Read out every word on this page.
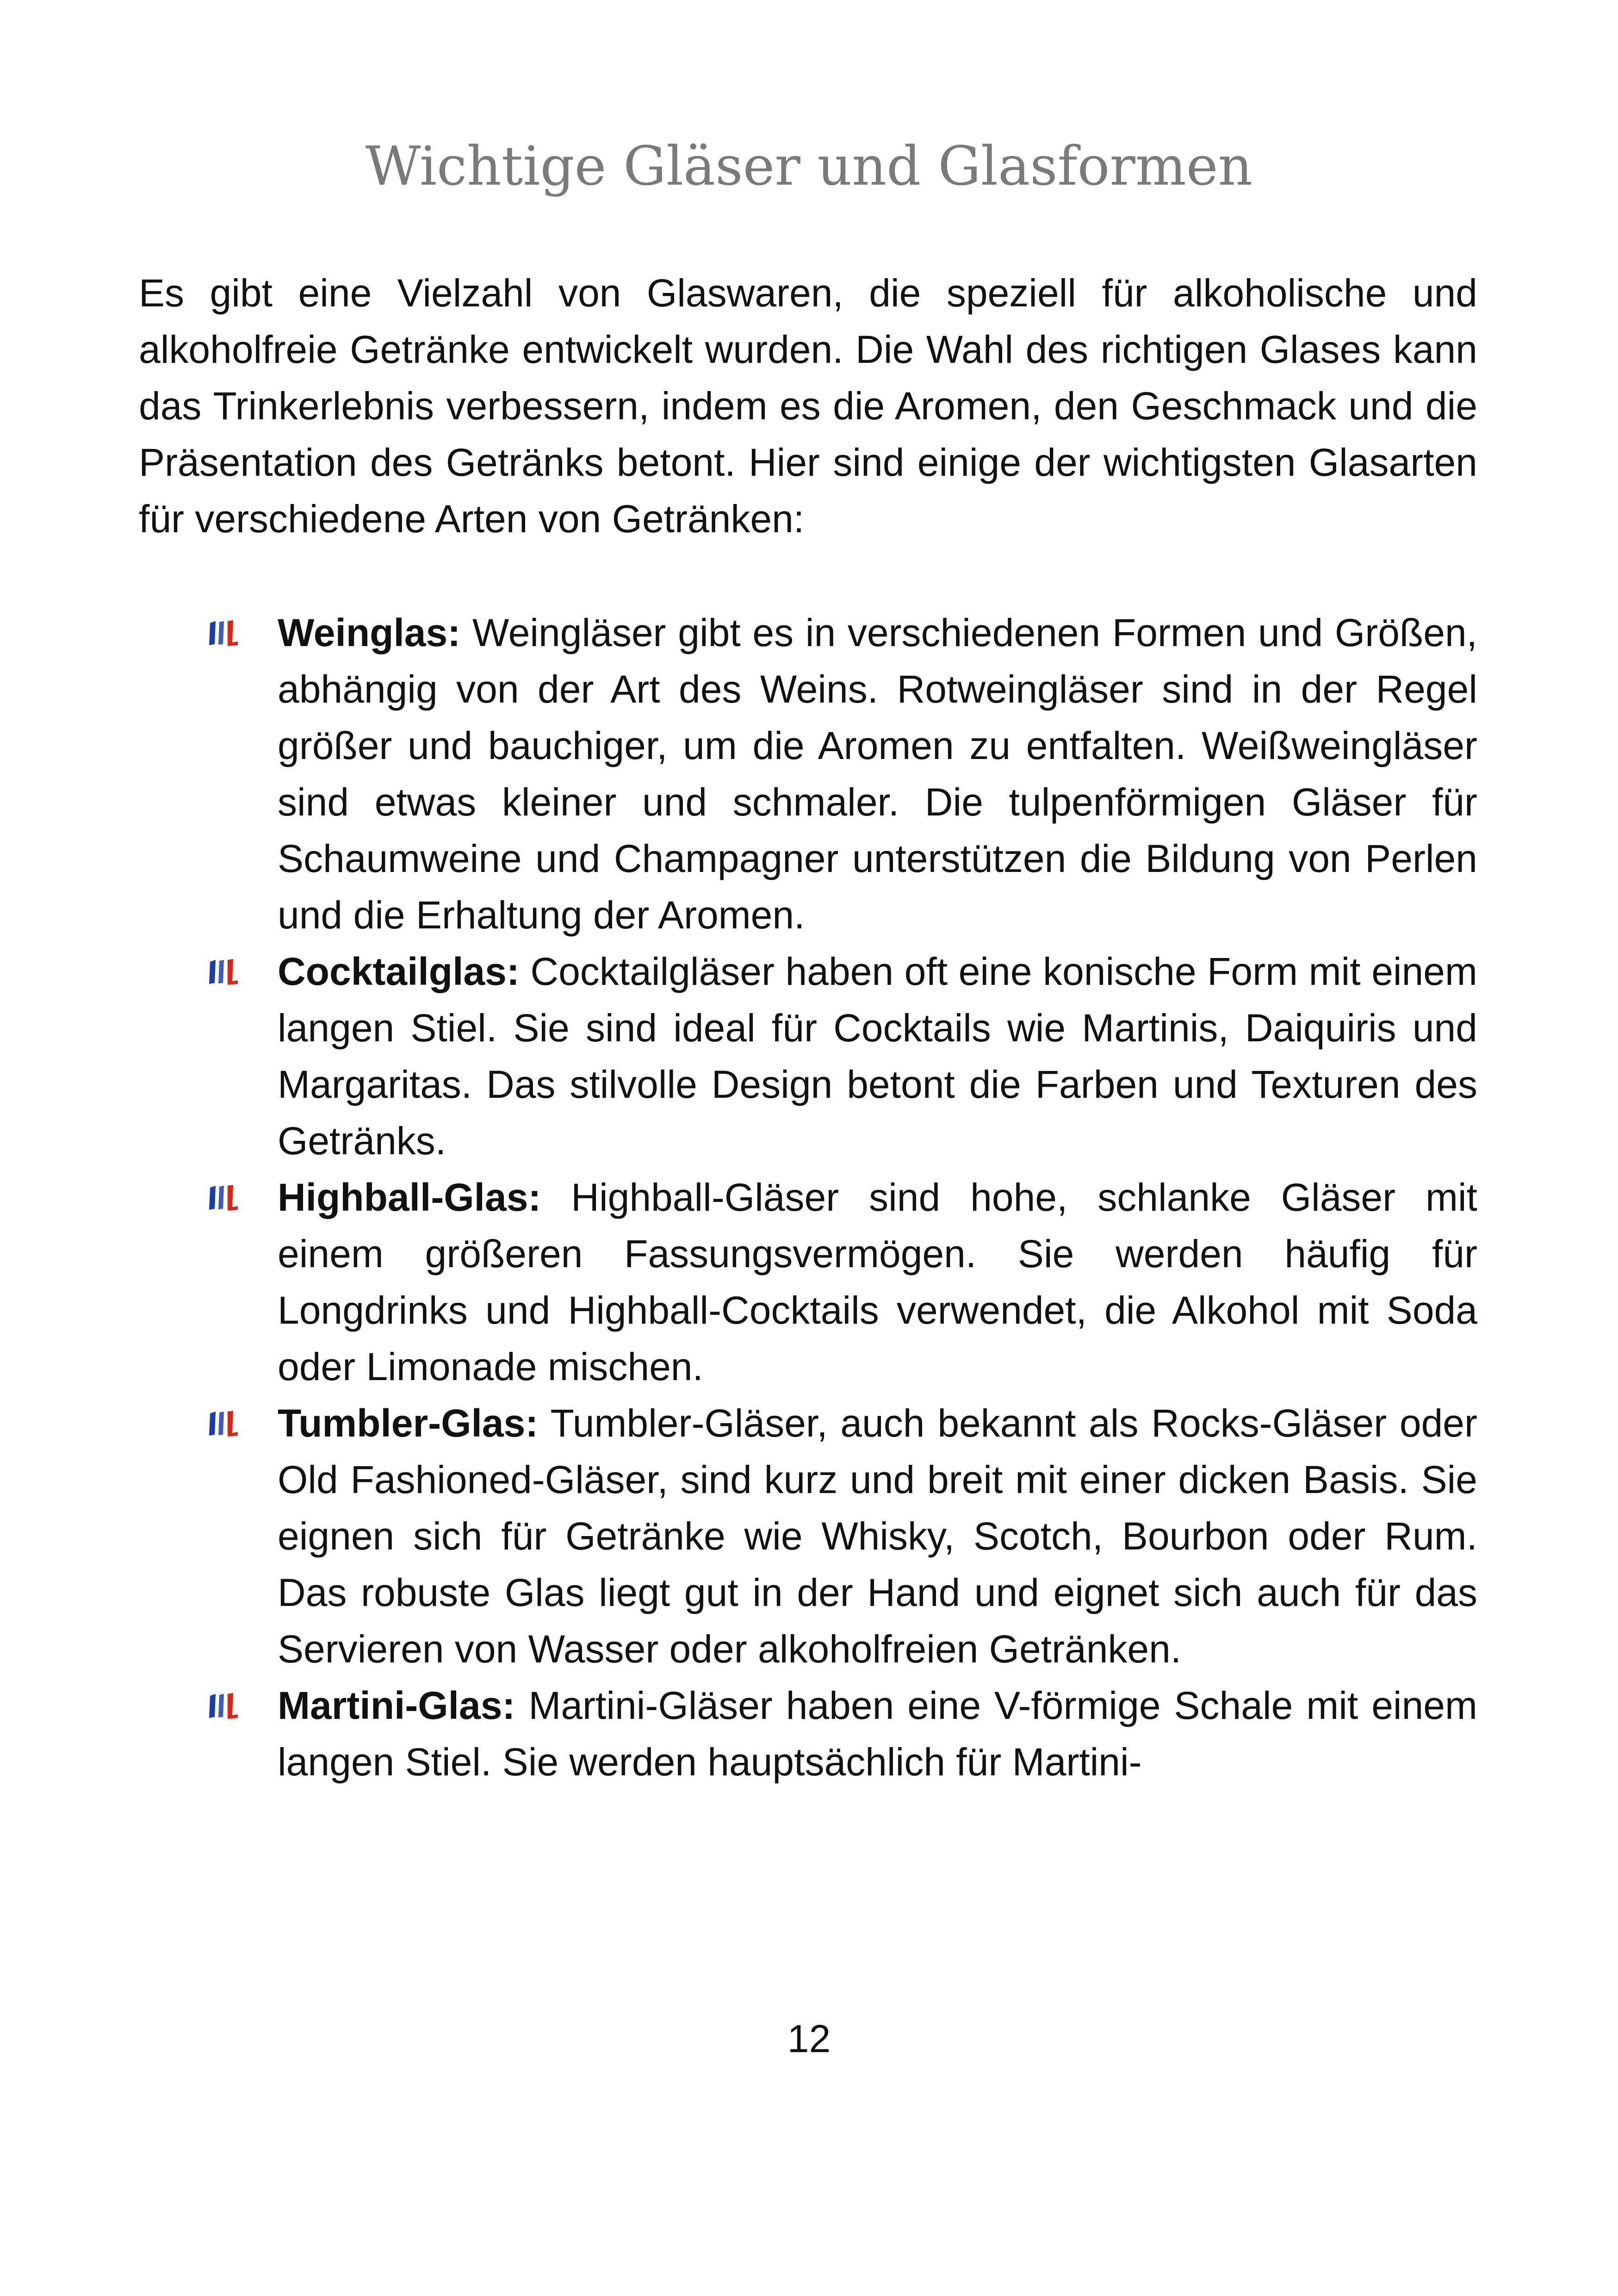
Wichtige Gläser und Glasformen

Es gibt eine Vielzahl von Glaswaren, die speziell für alkoholische und alkoholfreie Getränke entwickelt wurden. Die Wahl des richtigen Glases kann das Trinkerlebnis verbessern, indem es die Aromen, den Geschmack und die Präsentation des Getränks betont. Hier sind einige der wichtigsten Glasarten für verschiedene Arten von Getränken:

Weinglas: Weingläser gibt es in verschiedenen Formen und Größen, abhängig von der Art des Weins. Rotweingläser sind in der Regel größer und bauchiger, um die Aromen zu entfalten. Weißweingläser sind etwas kleiner und schmaler. Die tulpenförmigen Gläser für Schaumweine und Champagner unterstützen die Bildung von Perlen und die Erhaltung der Aromen.
Cocktailglas: Cocktailgläser haben oft eine konische Form mit einem langen Stiel. Sie sind ideal für Cocktails wie Martinis, Daiquiris und Margaritas. Das stilvolle Design betont die Farben und Texturen des Getränks.
Highball-Glas: Highball-Gläser sind hohe, schlanke Gläser mit einem größeren Fassungsvermögen. Sie werden häufig für Longdrinks und Highball-Cocktails verwendet, die Alkohol mit Soda oder Limonade mischen.
Tumbler-Glas: Tumbler-Gläser, auch bekannt als Rocks-Gläser oder Old Fashioned-Gläser, sind kurz und breit mit einer dicken Basis. Sie eignen sich für Getränke wie Whisky, Scotch, Bourbon oder Rum. Das robuste Glas liegt gut in der Hand und eignet sich auch für das Servieren von Wasser oder alkoholfreien Getränken.
Martini-Glas: Martini-Gläser haben eine V-förmige Schale mit einem langen Stiel. Sie werden hauptsächlich für Martini-
12
